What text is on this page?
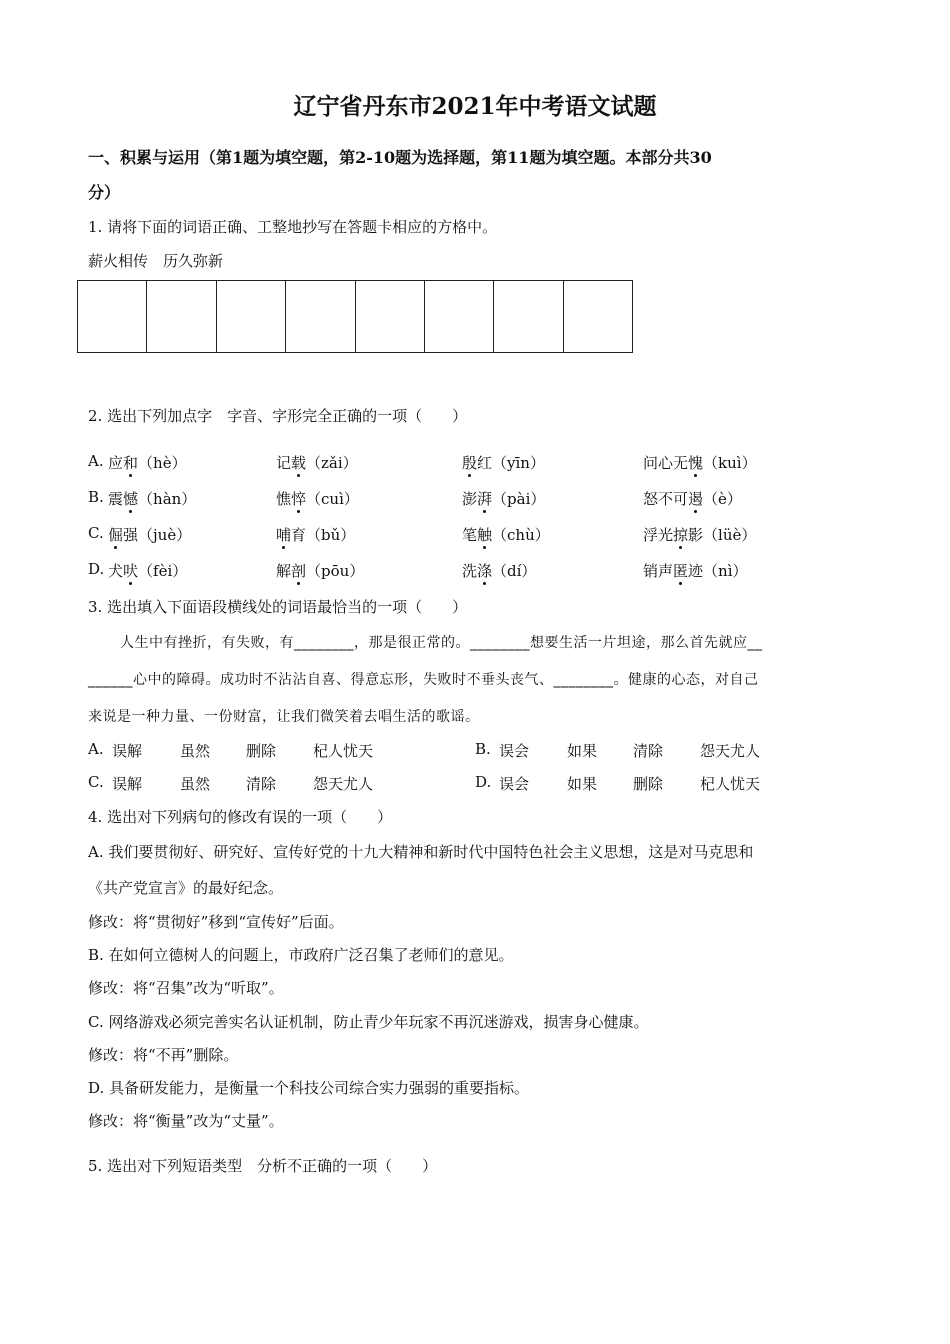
辽宁省丹东市2021年中考语文试题
一、积累与运用（第1题为填空题，第2-10题为选择题，第11题为填空题。本部分共30
分）
1. 请将下面的词语正确、工整地抄写在答题卡相应的方格中。
薪火相传　历久弥新
2. 选出下列加点字　字音、字形完全正确的一项（　　）
A. 应和（hè）	记载（zǎi）	殷红（yīn）	问心无愧（kuì）
B. 震憾（hàn）	憔悴（cuì）	澎湃（pài）	怒不可遏（è）
C. 倔强（juè）	哺育（bǔ）	笔触（chù）	浮光掠影（lüè）
D. 犬吠（fèi）	解剖（pōu）	洗涤（dí）	销声匿迹（nì）
3. 选出填入下面语段横线处的词语最恰当的一项（　　）
人生中有挫折，有失败，有________，那是很正常的。________想要生活一片坦途，那么首先就应__
______心中的障碍。成功时不沾沾自喜、得意忘形，失败时不垂头丧气、________。健康的心态，对自己
来说是一种力量、一份财富，让我们微笑着去唱生活的歌谣。
A. 误解	虽然 删除 杞人忧天	B. 误会	如果 清除 怨天尤人
C. 误解	虽然 清除 怨天尤人	D. 误会	如果 删除 杞人忧天
4. 选出对下列病句的修改有误的一项（　　）
A. 我们要贯彻好、研究好、宣传好党的十九大精神和新时代中国特色社会主义思想，这是对马克思和
《共产党宣言》的最好纪念。
修改：将“贯彻好”移到“宣传好”后面。
B. 在如何立德树人的问题上，市政府广泛召集了老师们的意见。
修改：将“召集”改为“听取”。
C. 网络游戏必须完善实名认证机制，防止青少年玩家不再沉迷游戏，损害身心健康。
修改：将“不再”删除。
D. 具备研发能力，是衡量一个科技公司综合实力强弱的重要指标。
修改：将“衡量”改为“丈量”。
5. 选出对下列短语类型　分析不正确的一项（　　）
